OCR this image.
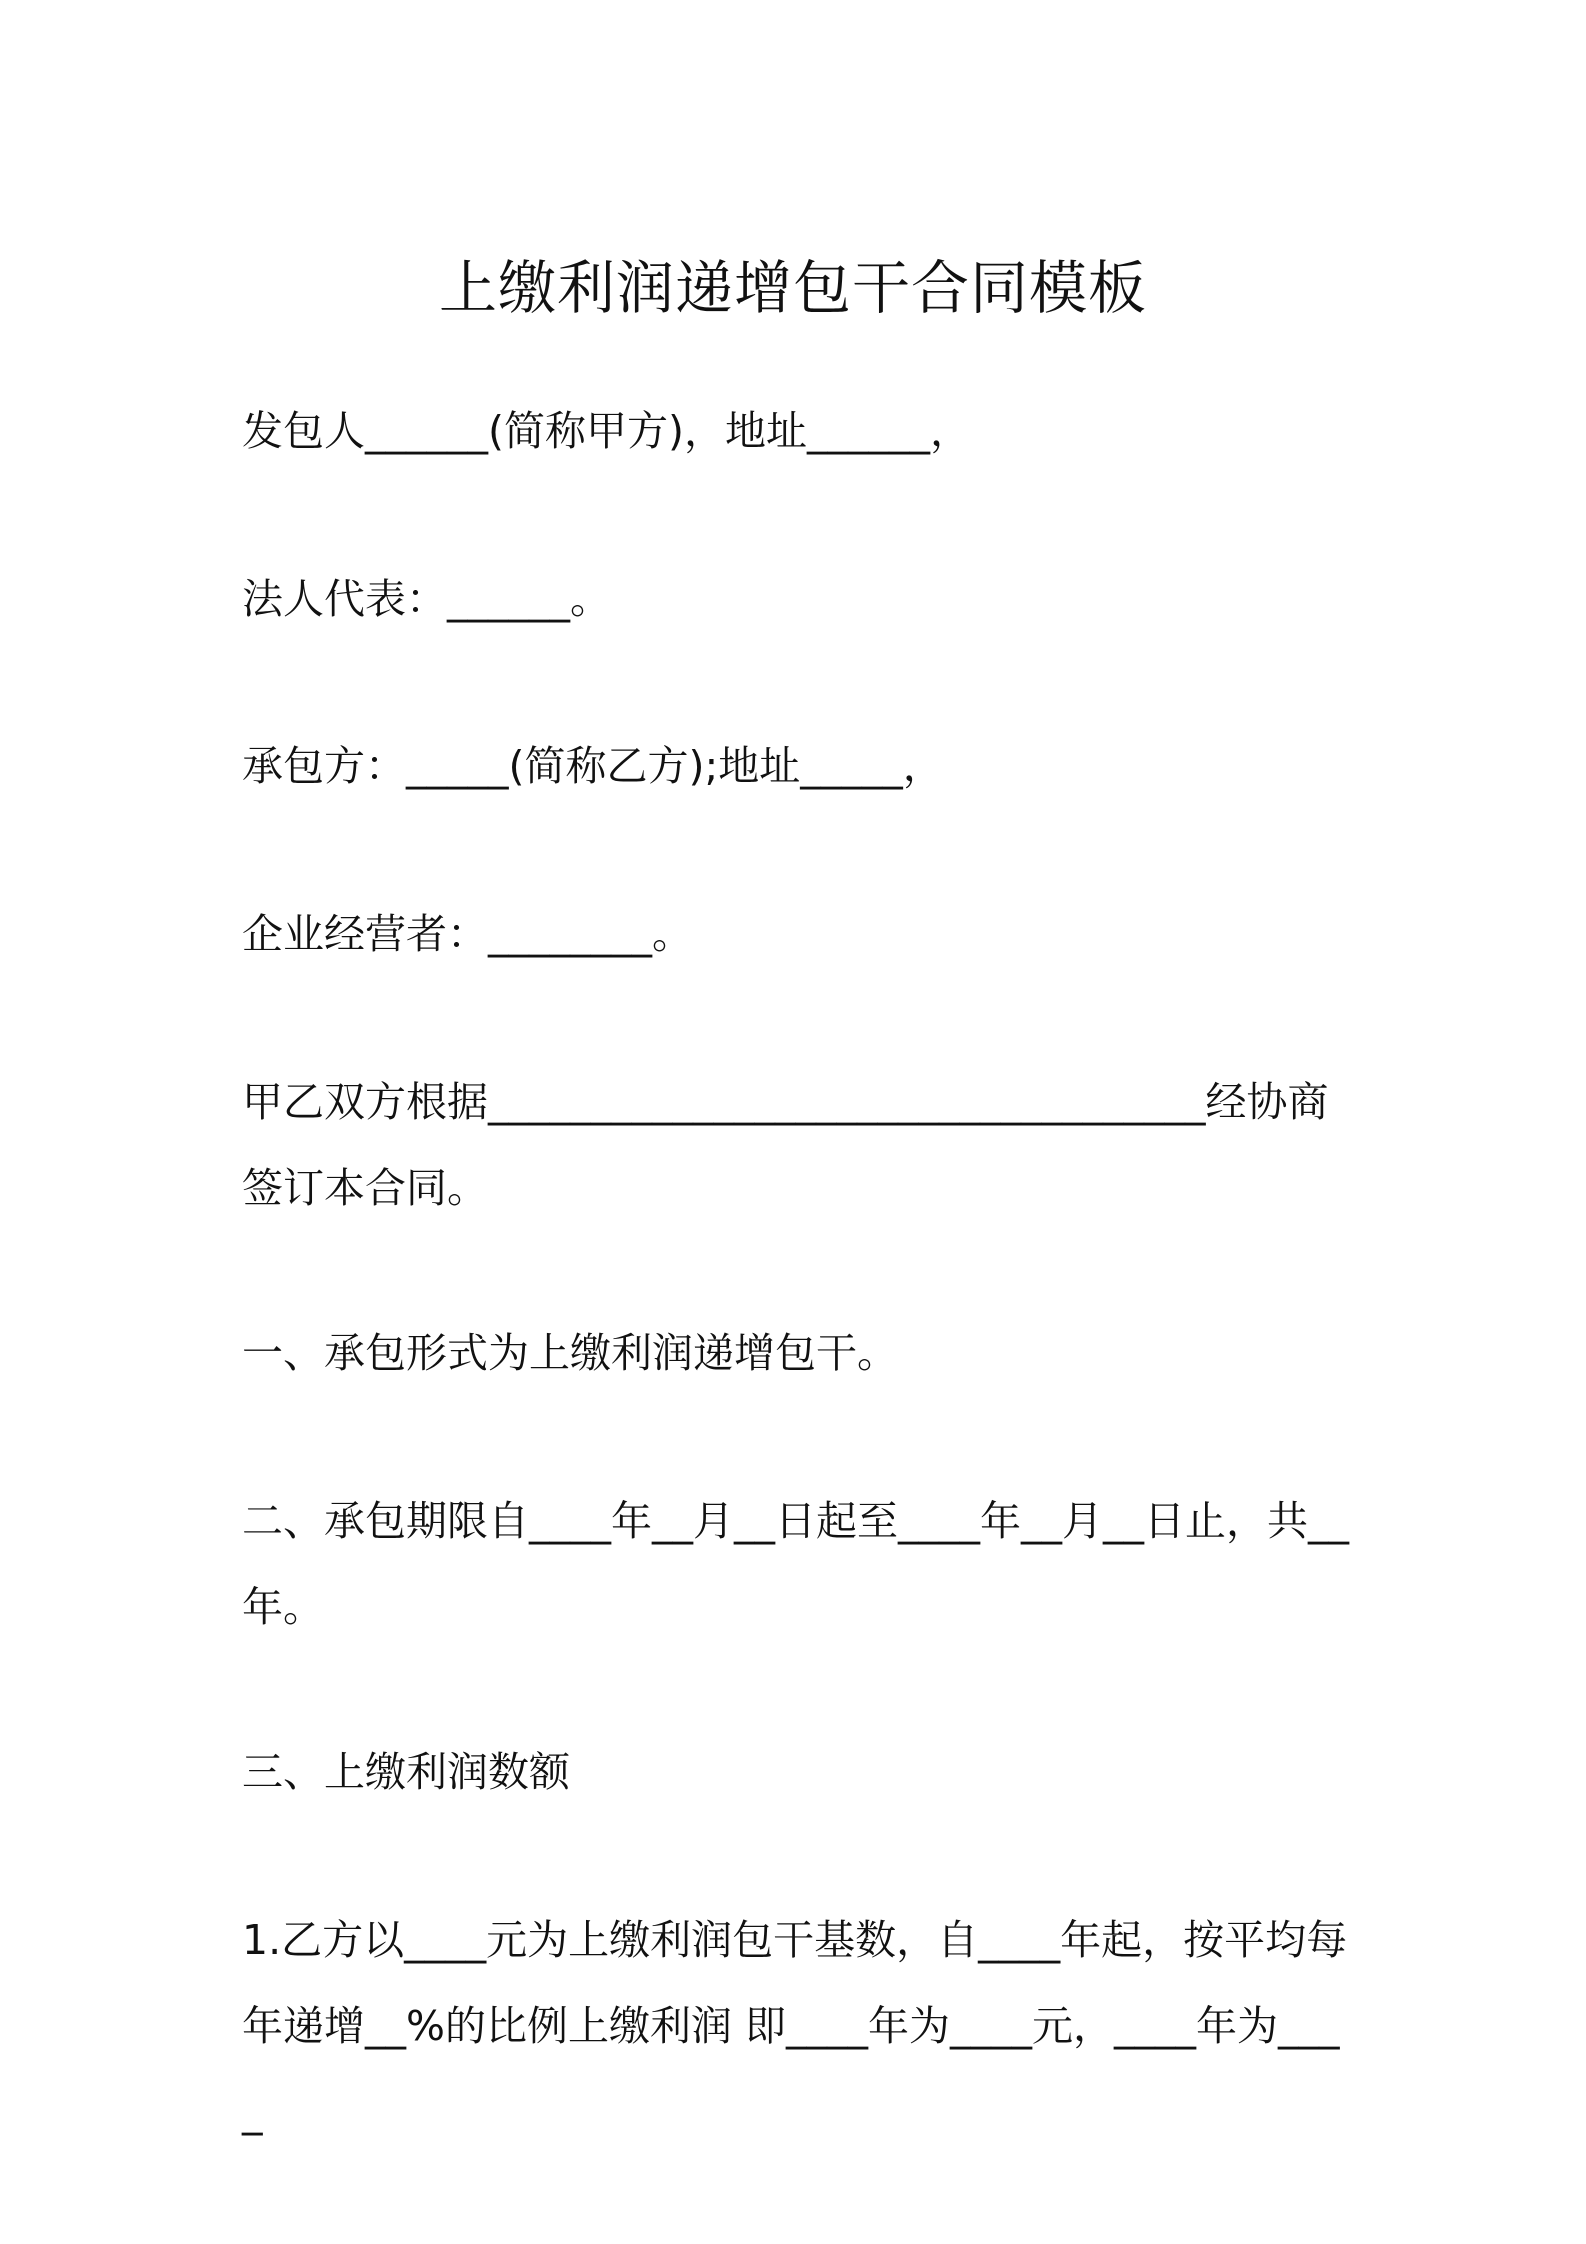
上缴利润递增包干合同模板
发包人______(简称甲方)，地址______，
法人代表：______。
承包方：_____(简称乙方);地址_____，
企业经营者：________。
甲乙双方根据___________________________________经协商签订本合同。
一、承包形式为上缴利润递增包干。
二、承包期限自____年__月__日起至____年__月__日止，共__年。
三、上缴利润数额
1.乙方以____元为上缴利润包干基数，自____年起，按平均每年递增__%的比例上缴利润 即____年为____元，____年为____
